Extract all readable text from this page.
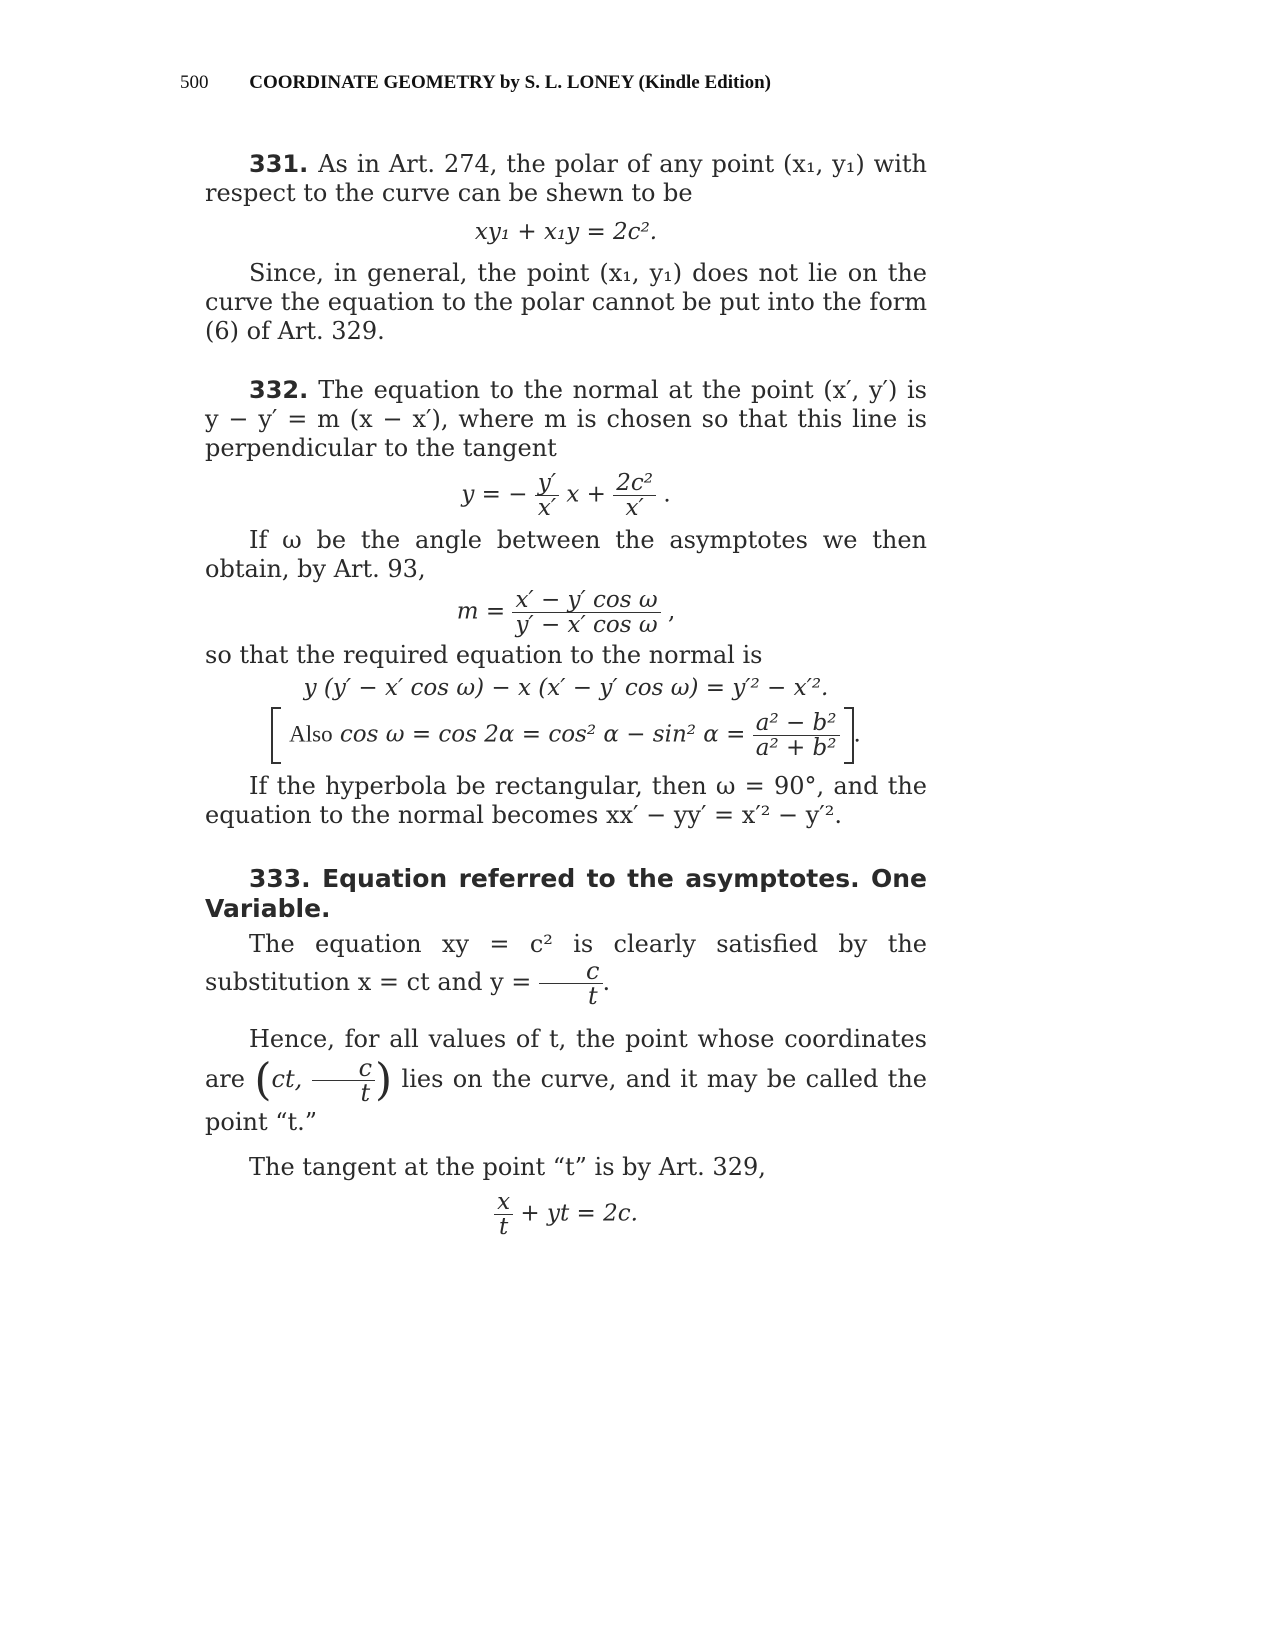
500 COORDINATE GEOMETRY by S. L. LONEY (Kindle Edition)

331. As in Art. 274, the polar of any point (x₁, y₁) with respect to the curve can be shewn to be

xy₁ + x₁y = 2c².

Since, in general, the point (x₁, y₁) does not lie on the curve the equation to the polar cannot be put into the form (6) of Art. 329.

332. The equation to the normal at the point (x′, y′) is y − y′ = m (x − x′), where m is chosen so that this line is perpendicular to the tangent

y = − $\frac{y'}{x'}$ $x + \frac{\text{2c²}}{x'}$ .

If ω be the angle between the asymptotes we then obtain, by Art. 93,

$m = \frac{\text{x′ − y′ cos ω}}{\text{y′ − x′ cos ω}}$ ,

so that the required equation to the normal is

y (y′ − x′ cos ω) − x (x′ − y′ cos ω) = y′² − x′².

Also cos ω = cos 2α = cos² α − sin² $\alpha = \frac{\text{a² − b²}}{\text{a² + b²}}$ .

If the hyperbola be rectangular, then ω = 90°, and the equation to the normal becomes xx′ − yy′ = x′² − y′².

333. Equation referred to the asymptotes. One Variable.

The equation xy = c² is clearly satisfied by the substitution x = ct and $y = \frac{c}{t}$ .

Hence, for all values of t, the point whose coordinates are (ct, $\frac{c}{t}$ ) lies on the curve, and it may be called the point “t.”

The tangent at the point “t” is by Art. 329,

$\frac{x}{t}$ + yt = 2c.
